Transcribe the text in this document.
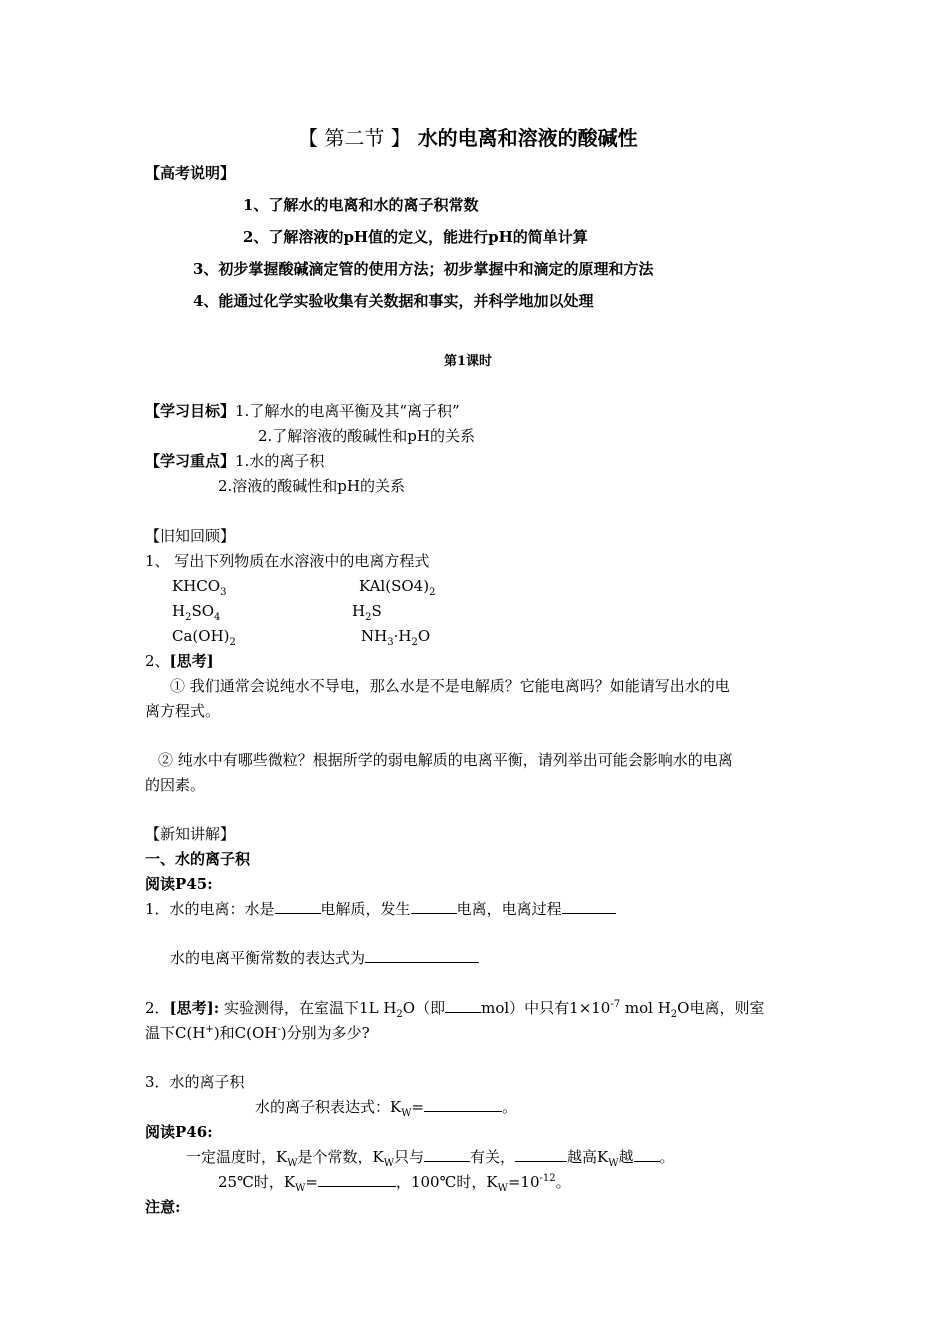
【 第二节 】 水的电离和溶液的酸碱性
【高考说明】
1、了解水的电离和水的离子积常数
2、了解溶液的pH值的定义，能进行pH的简单计算
3、初步掌握酸碱滴定管的使用方法；初步掌握中和滴定的原理和方法
4、能通过化学实验收集有关数据和事实，并科学地加以处理
第1课时
【学习目标】1.了解水的电离平衡及其“离子积”
2.了解溶液的酸碱性和pH的关系
【学习重点】1.水的离子积
2.溶液的酸碱性和pH的关系
【旧知回顾】
1、 写出下列物质在水溶液中的电离方程式
$KHCO_3$	$KAl(SO4)_2$
$H_2SO_4$	$H_2S$
$Ca(OH)_2$	$NH_3\cdot H_2O$
2、[思考]
① 我们通常会说纯水不导电，那么水是不是电解质？它能电离吗？如能请写出水的电
离方程式。
② 纯水中有哪些微粒？根据所学的弱电解质的电离平衡，请列举出可能会影响水的电离
的因素。
【新知讲解】
一、水的离子积
阅读P45:
1．水的电离：水是	电解质，发生	电离，电离过程
水的电离平衡常数的表达式为
2．[思考]: 实验测得，在室温下1L $H_2O$（即 mol）中只有$1\times 10^{-7}$ mol $H_2O$电离，则室
温下C(H+)和C(OH-)分别为多少?
3．水的离子积
水的离子积表达式：$K_W=$	。
阅读P46:
一定温度时，$K_W$是个常数，$K_W$只与	有关，	越高$K_W$越 。
25℃时，$K_W=$	，100℃时，$K_W=10^{-12}$。
注意:
